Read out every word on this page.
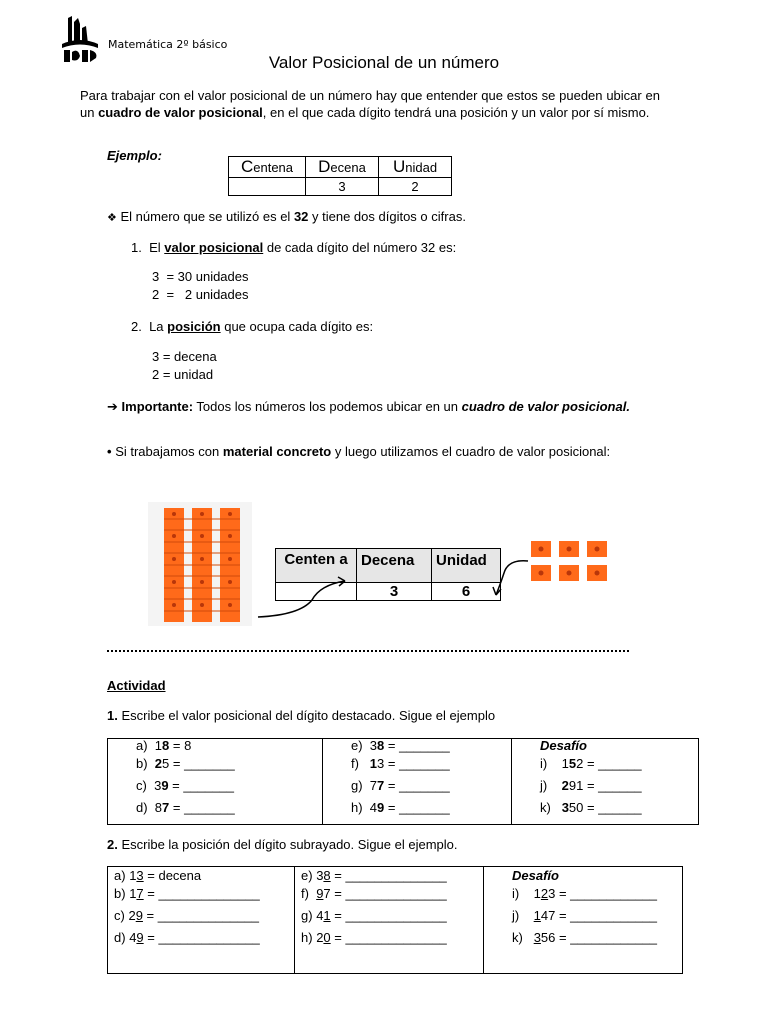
Matemática 2º básico
Valor Posicional de un número
Para trabajar con el valor posicional de un número hay que entender que estos se pueden ubicar en un cuadro de valor posicional, en el que cada dígito tendrá una posición y un valor por sí mismo.
Ejemplo:
Centena	Decena	Unidad
	3	2
❖ El número que se utilizó es el 32 y tiene dos dígitos o cifras.
1. El valor posicional de cada dígito del número 32 es:
3  = 30 unidades
2  =   2 unidades
2. La posición que ocupa cada dígito es:
3 = decena
2 = unidad
➔ Importante: Todos los números los podemos ubicar en un cuadro de valor posicional.
• Si trabajamos con material concreto y luego utilizamos el cuadro de valor posicional:
Centen a	Decena	Unidad
	3	6
Actividad
1. Escribe el valor posicional del dígito destacado. Sigue el ejemplo
a) 18 = 8
b) 25 = _______
c) 39 = _______
d) 87 = _______

e) 38 = _______
f) 13 = _______
g) 77 = _______
h) 49 = _______

Desafío
i) 152 = ______
j) 291 = ______
k) 350 = ______
2. Escribe la posición del dígito subrayado. Sigue el ejemplo.
a) 13 = decena
b) 17 = ______________
c) 29 = ______________
d) 49 = ______________

e) 38 = ______________
f) 97 = ______________
g) 41 = ______________
h) 20 = ______________

Desafío
i) 123 = ____________
j) 147 = ____________
k) 356 = ____________
